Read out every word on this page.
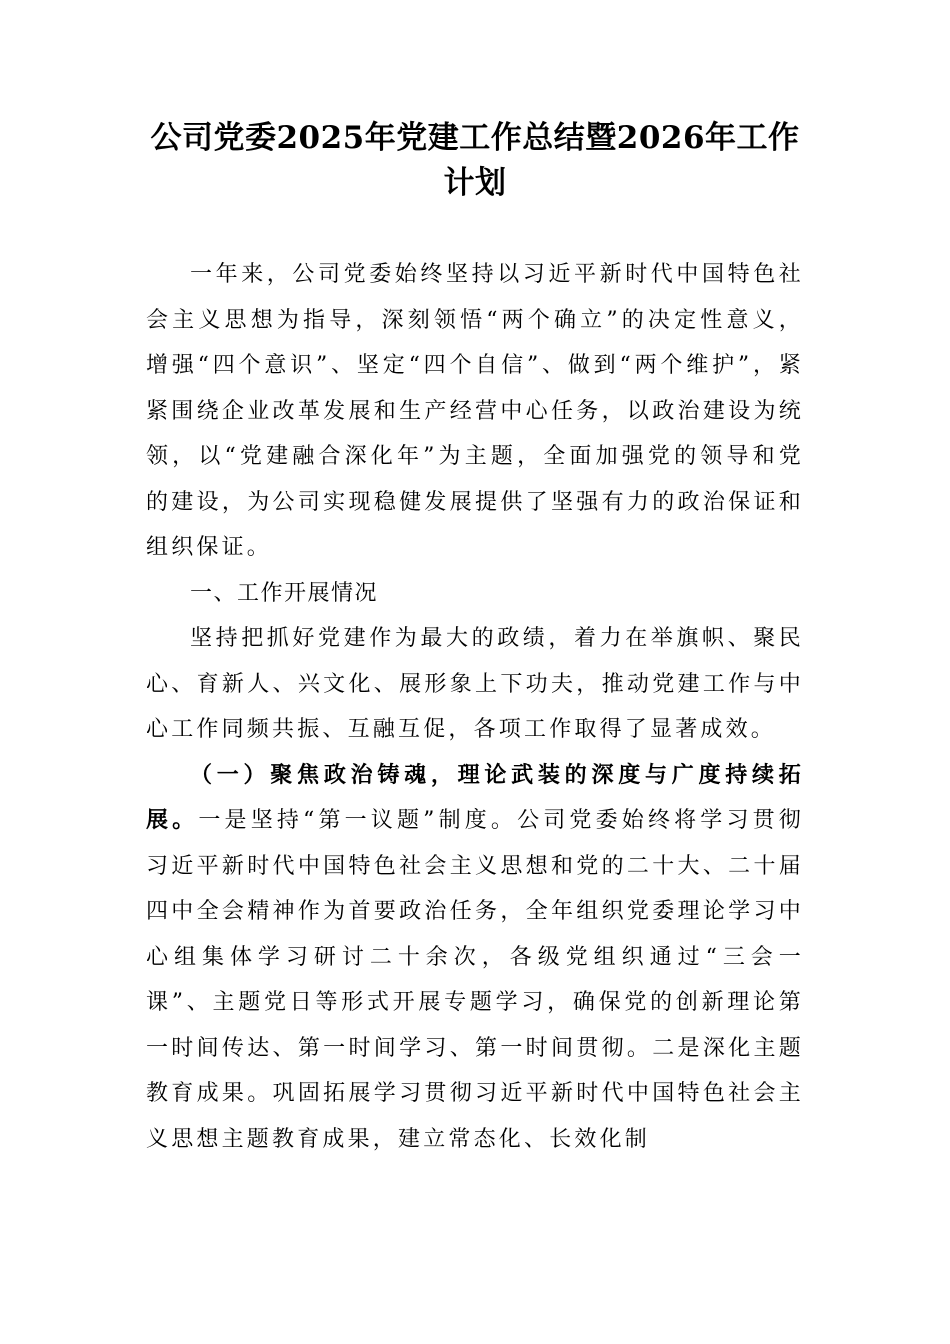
公司党委2025年党建工作总结暨2026年工作计划

一年来，公司党委始终坚持以习近平新时代中国特色社会主义思想为指导，深刻领悟“两个确立”的决定性意义，增强“四个意识”、坚定“四个自信”、做到“两个维护”，紧紧围绕企业改革发展和生产经营中心任务，以政治建设为统领，以“党建融合深化年”为主题，全面加强党的领导和党的建设，为公司实现稳健发展提供了坚强有力的政治保证和组织保证。

一、工作开展情况

坚持把抓好党建作为最大的政绩，着力在举旗帜、聚民心、育新人、兴文化、展形象上下功夫，推动党建工作与中心工作同频共振、互融互促，各项工作取得了显著成效。

（一）聚焦政治铸魂，理论武装的深度与广度持续拓展。一是坚持“第一议题”制度。公司党委始终将学习贯彻习近平新时代中国特色社会主义思想和党的二十大、二十届四中全会精神作为首要政治任务，全年组织党委理论学习中心组集体学习研讨二十余次，各级党组织通过“三会一课”、主题党日等形式开展专题学习，确保党的创新理论第一时间传达、第一时间学习、第一时间贯彻。二是深化主题教育成果。巩固拓展学习贯彻习近平新时代中国特色社会主义思想主题教育成果，建立常态化、长效化制
